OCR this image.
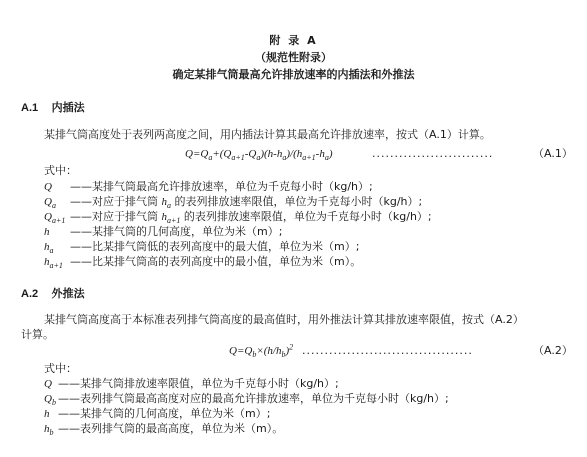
附 录 A
（规范性附录）
确定某排气筒最高允许排放速率的内插法和外推法
A.1 内插法
某排气筒高度处于表列两高度之间，用内插法计算其最高允许排放速率，按式（A.1）计算。
$Q=Q_a+(Q_{a+1}-Q_a)(h-h_a)/(h_{a+1}-h_a)$	...........................	（A.1）
式中：
Q ——某排气筒最高允许排放速率，单位为千克每小时（kg/h）;
$Q_a$ ——对应于排气筒 $h_a$ 的表列排放速率限值，单位为千克每小时（kg/h）;
$Q_{a+1}$ ——对应于排气筒 $h_{a+1}$ 的表列排放速率限值，单位为千克每小时（kg/h）;
h ——某排气筒的几何高度，单位为米（m）;
$h_a$ ——比某排气筒低的表列高度中的最大值，单位为米（m）;
$h_{a+1}$ ——比某排气筒高的表列高度中的最小值，单位为米（m）。
A.2 外推法
某排气筒高度高于本标准表列排气筒高度的最高值时，用外推法计算其排放速率限值，按式（A.2）
计算。
$Q=Q_b\times(h/h_b)^2$ ......................................	（A.2）
式中：
Q ——某排气筒排放速率限值，单位为千克每小时（kg/h）;
$Q_b$ ——表列排气筒最高高度对应的最高允许排放速率，单位为千克每小时（kg/h）;
h ——某排气筒的几何高度，单位为米（m）;
$h_b$ ——表列排气筒的最高高度，单位为米（m）。
